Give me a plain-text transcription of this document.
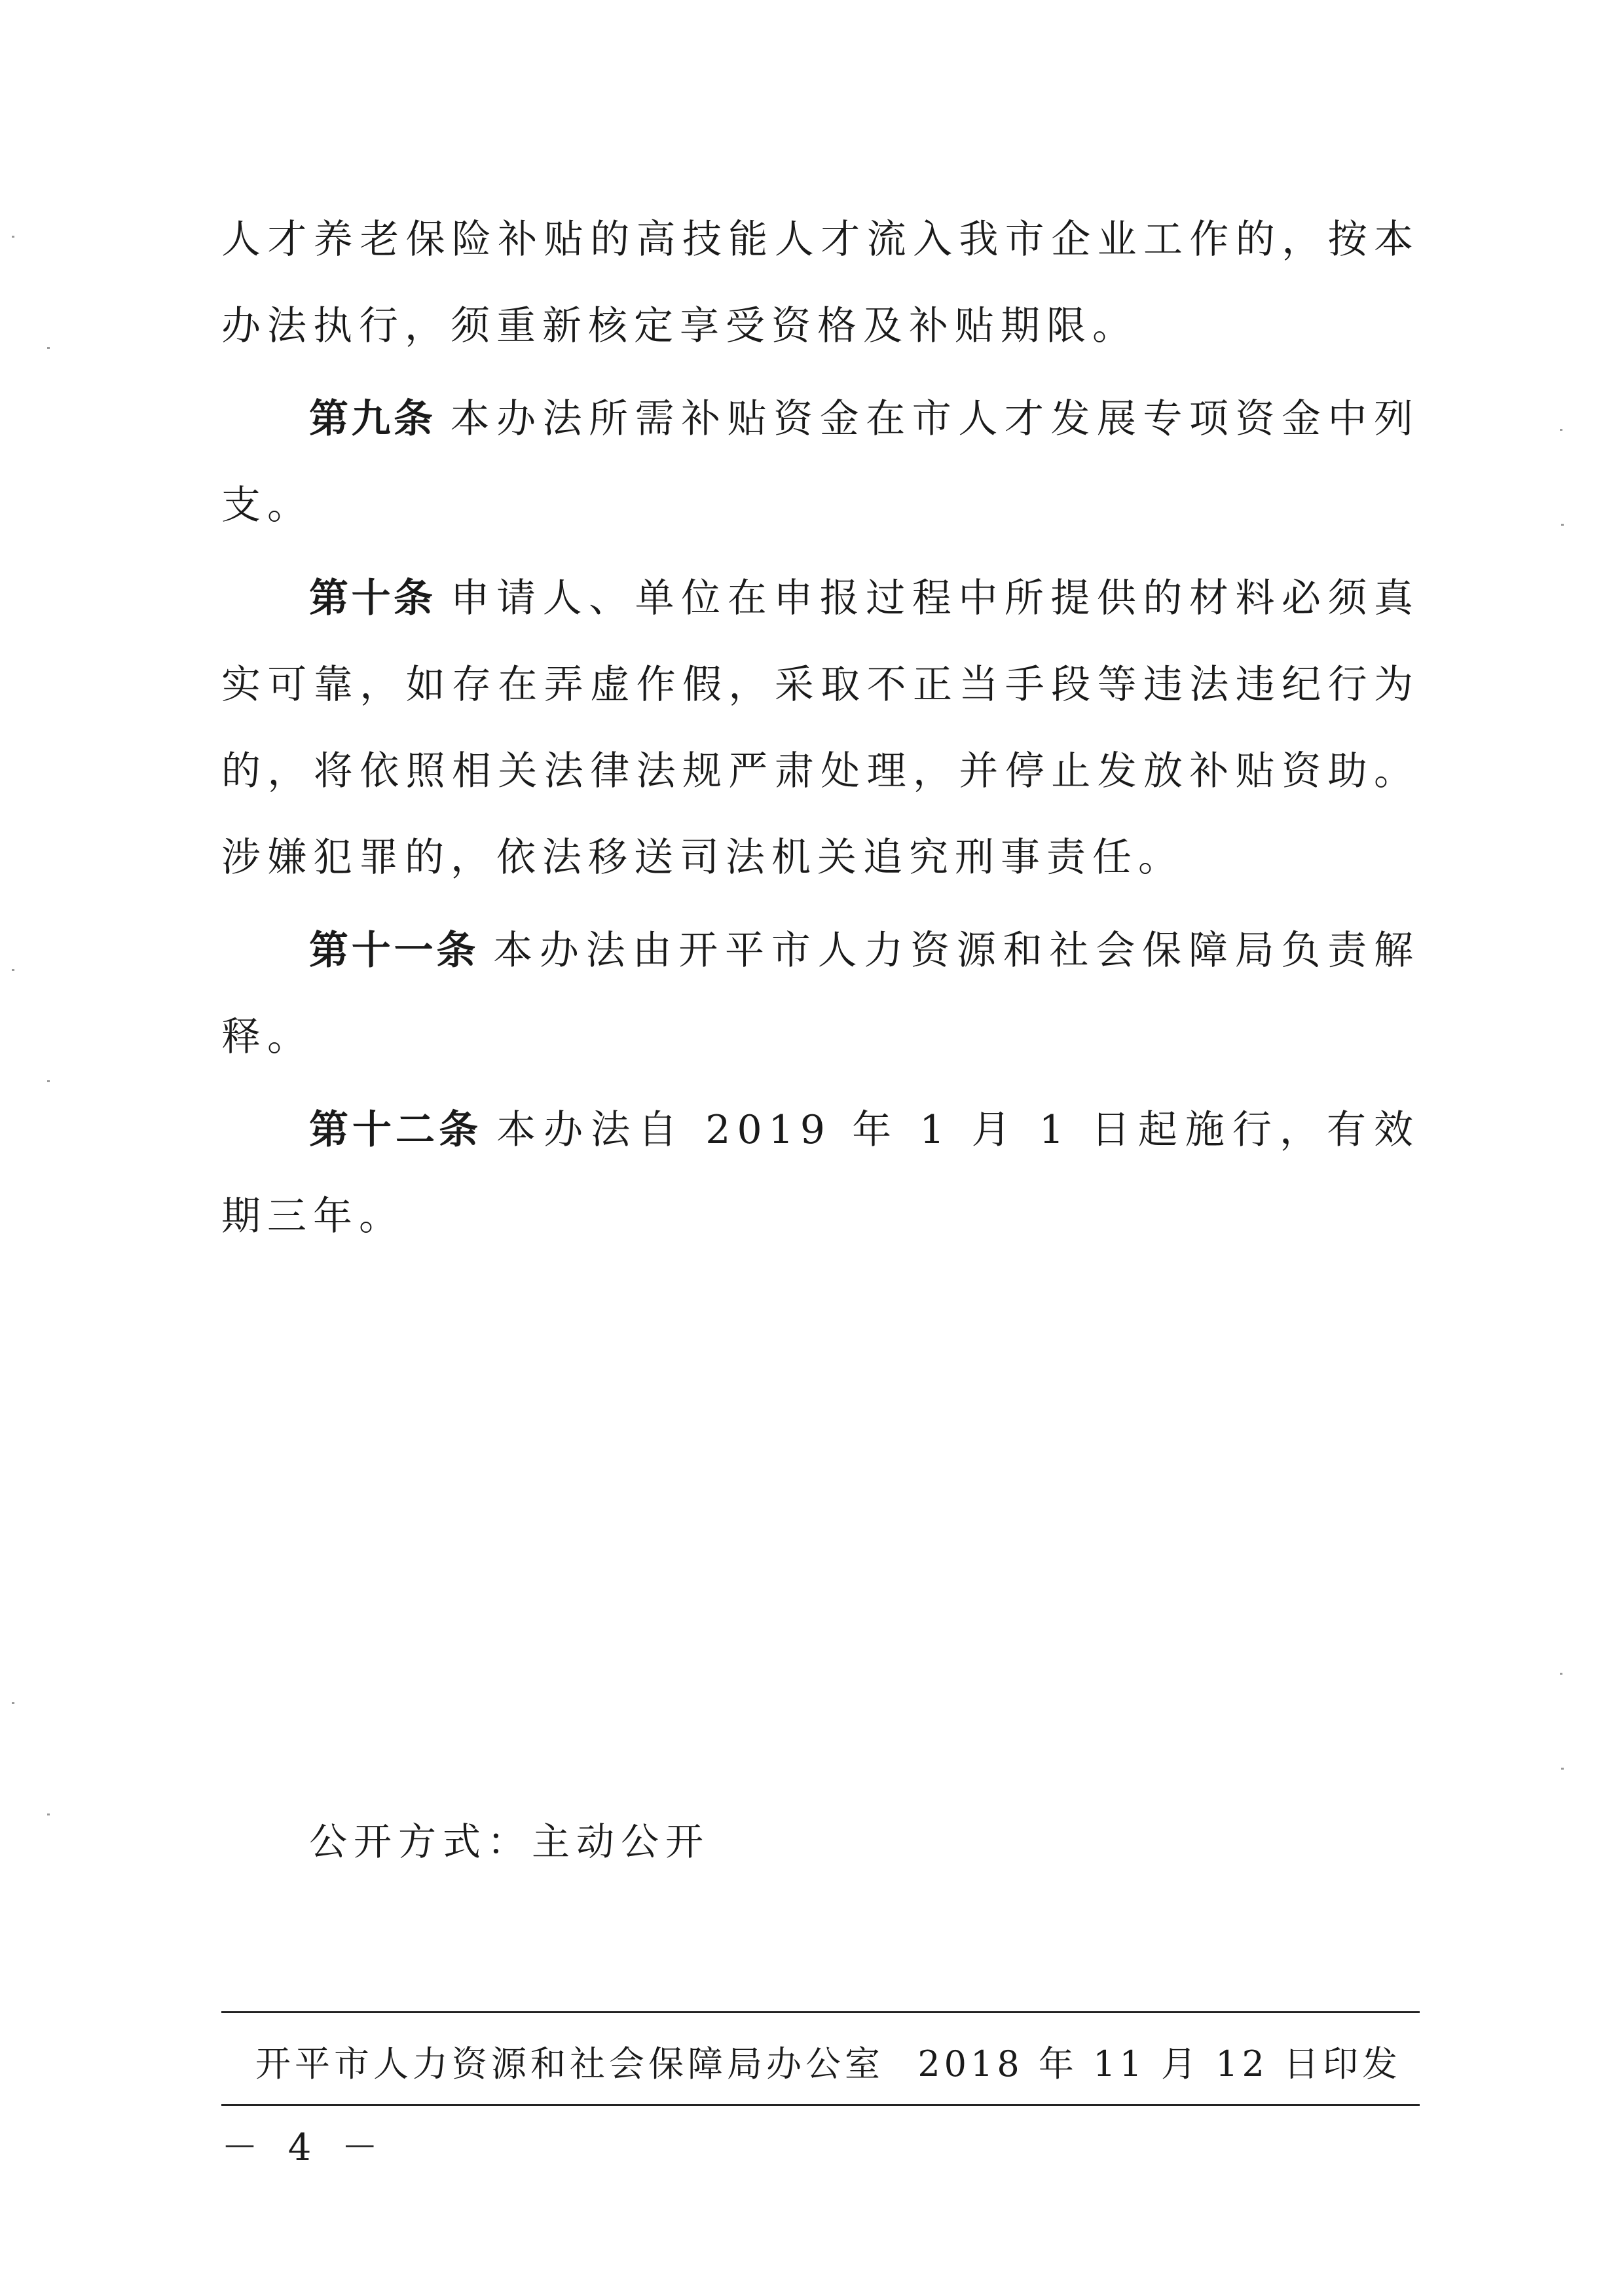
人才养老保险补贴的高技能人才流入我市企业工作的，按本办法执行，须重新核定享受资格及补贴期限。

第九条 本办法所需补贴资金在市人才发展专项资金中列支。

第十条 申请人、单位在申报过程中所提供的材料必须真实可靠，如存在弄虚作假，采取不正当手段等违法违纪行为的，将依照相关法律法规严肃处理，并停止发放补贴资助。涉嫌犯罪的，依法移送司法机关追究刑事责任。

第十一条 本办法由开平市人力资源和社会保障局负责解释。

第十二条 本办法自 2019 年 1 月 1 日起施行，有效期三年。

公开方式：主动公开
开平市人力资源和社会保障局办公室 2018 年 11 月 12 日印发
－ 4 －
